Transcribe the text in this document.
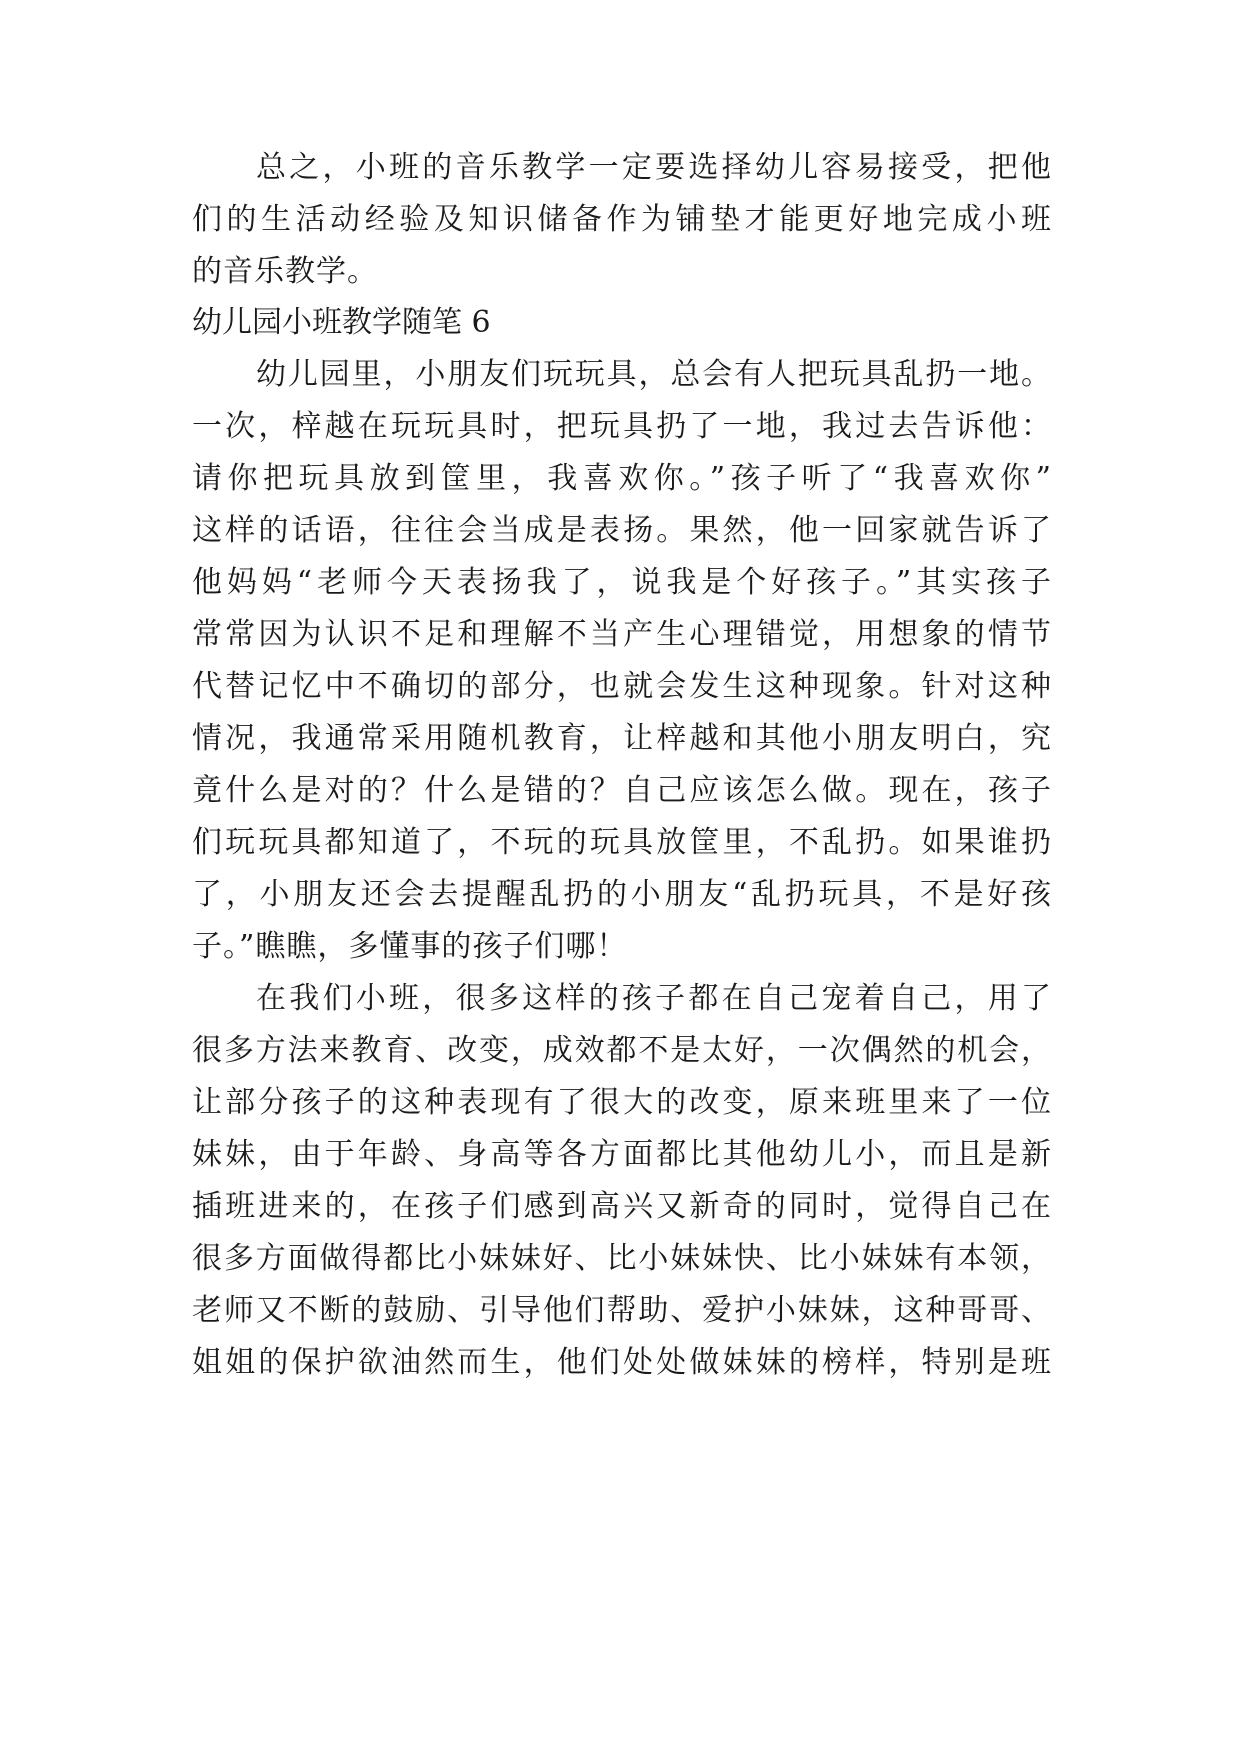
总之，小班的音乐教学一定要选择幼儿容易接受，把他
们的生活动经验及知识储备作为铺垫才能更好地完成小班
的音乐教学。
幼儿园小班教学随笔 6
幼儿园里，小朋友们玩玩具，总会有人把玩具乱扔一地。
一次，梓越在玩玩具时，把玩具扔了一地，我过去告诉他：
请你把玩具放到筐里，我喜欢你。”孩子听了“我喜欢你”
这样的话语，往往会当成是表扬。果然，他一回家就告诉了
他妈妈“老师今天表扬我了，说我是个好孩子。”其实孩子
常常因为认识不足和理解不当产生心理错觉，用想象的情节
代替记忆中不确切的部分，也就会发生这种现象。针对这种
情况，我通常采用随机教育，让梓越和其他小朋友明白，究
竟什么是对的？什么是错的？自己应该怎么做。现在，孩子
们玩玩具都知道了，不玩的玩具放筐里，不乱扔。如果谁扔
了，小朋友还会去提醒乱扔的小朋友“乱扔玩具，不是好孩
子。”瞧瞧，多懂事的孩子们哪！
在我们小班，很多这样的孩子都在自己宠着自己，用了
很多方法来教育、改变，成效都不是太好，一次偶然的机会，
让部分孩子的这种表现有了很大的改变，原来班里来了一位
妹妹，由于年龄、身高等各方面都比其他幼儿小，而且是新
插班进来的，在孩子们感到高兴又新奇的同时，觉得自己在
很多方面做得都比小妹妹好、比小妹妹快、比小妹妹有本领，
老师又不断的鼓励、引导他们帮助、爱护小妹妹，这种哥哥、
姐姐的保护欲油然而生，他们处处做妹妹的榜样，特别是班
